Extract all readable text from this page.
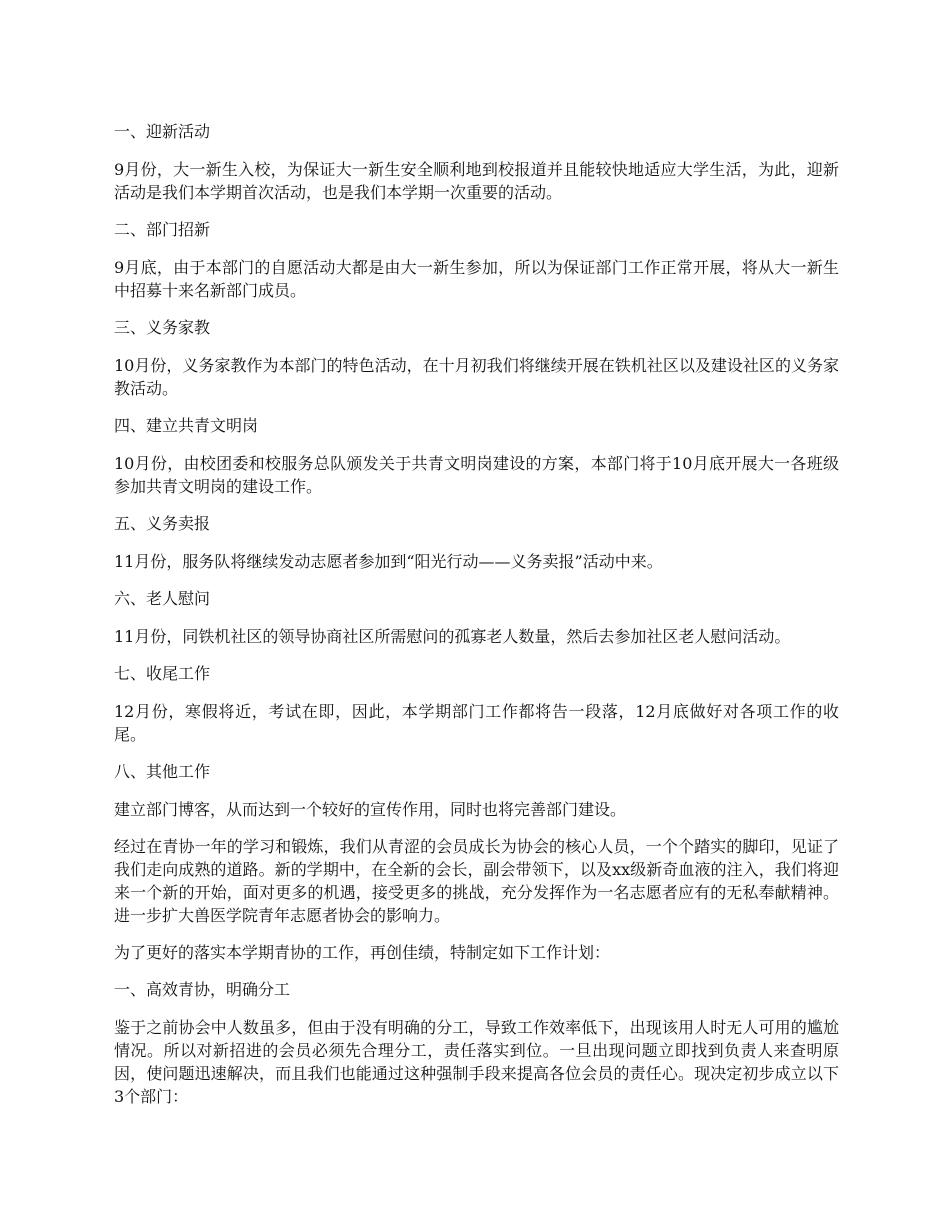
一、迎新活动
9月份，大一新生入校，为保证大一新生安全顺利地到校报道并且能较快地适应大学生活，为此，迎新活动是我们本学期首次活动，也是我们本学期一次重要的活动。
二、部门招新
9月底，由于本部门的自愿活动大都是由大一新生参加，所以为保证部门工作正常开展，将从大一新生中招募十来名新部门成员。
三、义务家教
10月份，义务家教作为本部门的特色活动，在十月初我们将继续开展在铁机社区以及建设社区的义务家教活动。
四、建立共青文明岗
10月份，由校团委和校服务总队颁发关于共青文明岗建设的方案，本部门将于10月底开展大一各班级参加共青文明岗的建设工作。
五、义务卖报
11月份，服务队将继续发动志愿者参加到“阳光行动——义务卖报”活动中来。
六、老人慰问
11月份，同铁机社区的领导协商社区所需慰问的孤寡老人数量，然后去参加社区老人慰问活动。
七、收尾工作
12月份，寒假将近，考试在即，因此，本学期部门工作都将告一段落，12月底做好对各项工作的收尾。
八、其他工作
建立部门博客，从而达到一个较好的宣传作用，同时也将完善部门建设。
经过在青协一年的学习和锻炼，我们从青涩的会员成长为协会的核心人员，一个个踏实的脚印，见证了我们走向成熟的道路。新的学期中，在全新的会长，副会带领下，以及xx级新奇血液的注入，我们将迎来一个新的开始，面对更多的机遇，接受更多的挑战，充分发挥作为一名志愿者应有的无私奉献精神。进一步扩大兽医学院青年志愿者协会的影响力。
为了更好的落实本学期青协的工作，再创佳绩，特制定如下工作计划：
一、高效青协，明确分工
鉴于之前协会中人数虽多，但由于没有明确的分工，导致工作效率低下，出现该用人时无人可用的尴尬情况。所以对新招进的会员必须先合理分工，责任落实到位。一旦出现问题立即找到负责人来查明原因，使问题迅速解决，而且我们也能通过这种强制手段来提高各位会员的责任心。现决定初步成立以下3个部门：
